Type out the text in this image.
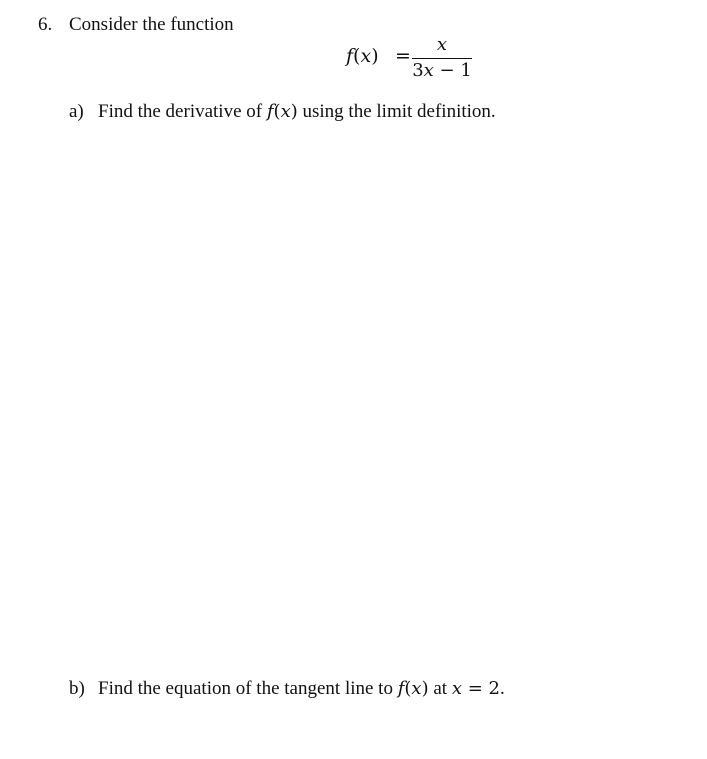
6. Consider the function
f(x) =
x
3x − 1
a) Find the derivative of f(x) using the limit definition.
b) Find the equation of the tangent line to f(x) at x = 2.
